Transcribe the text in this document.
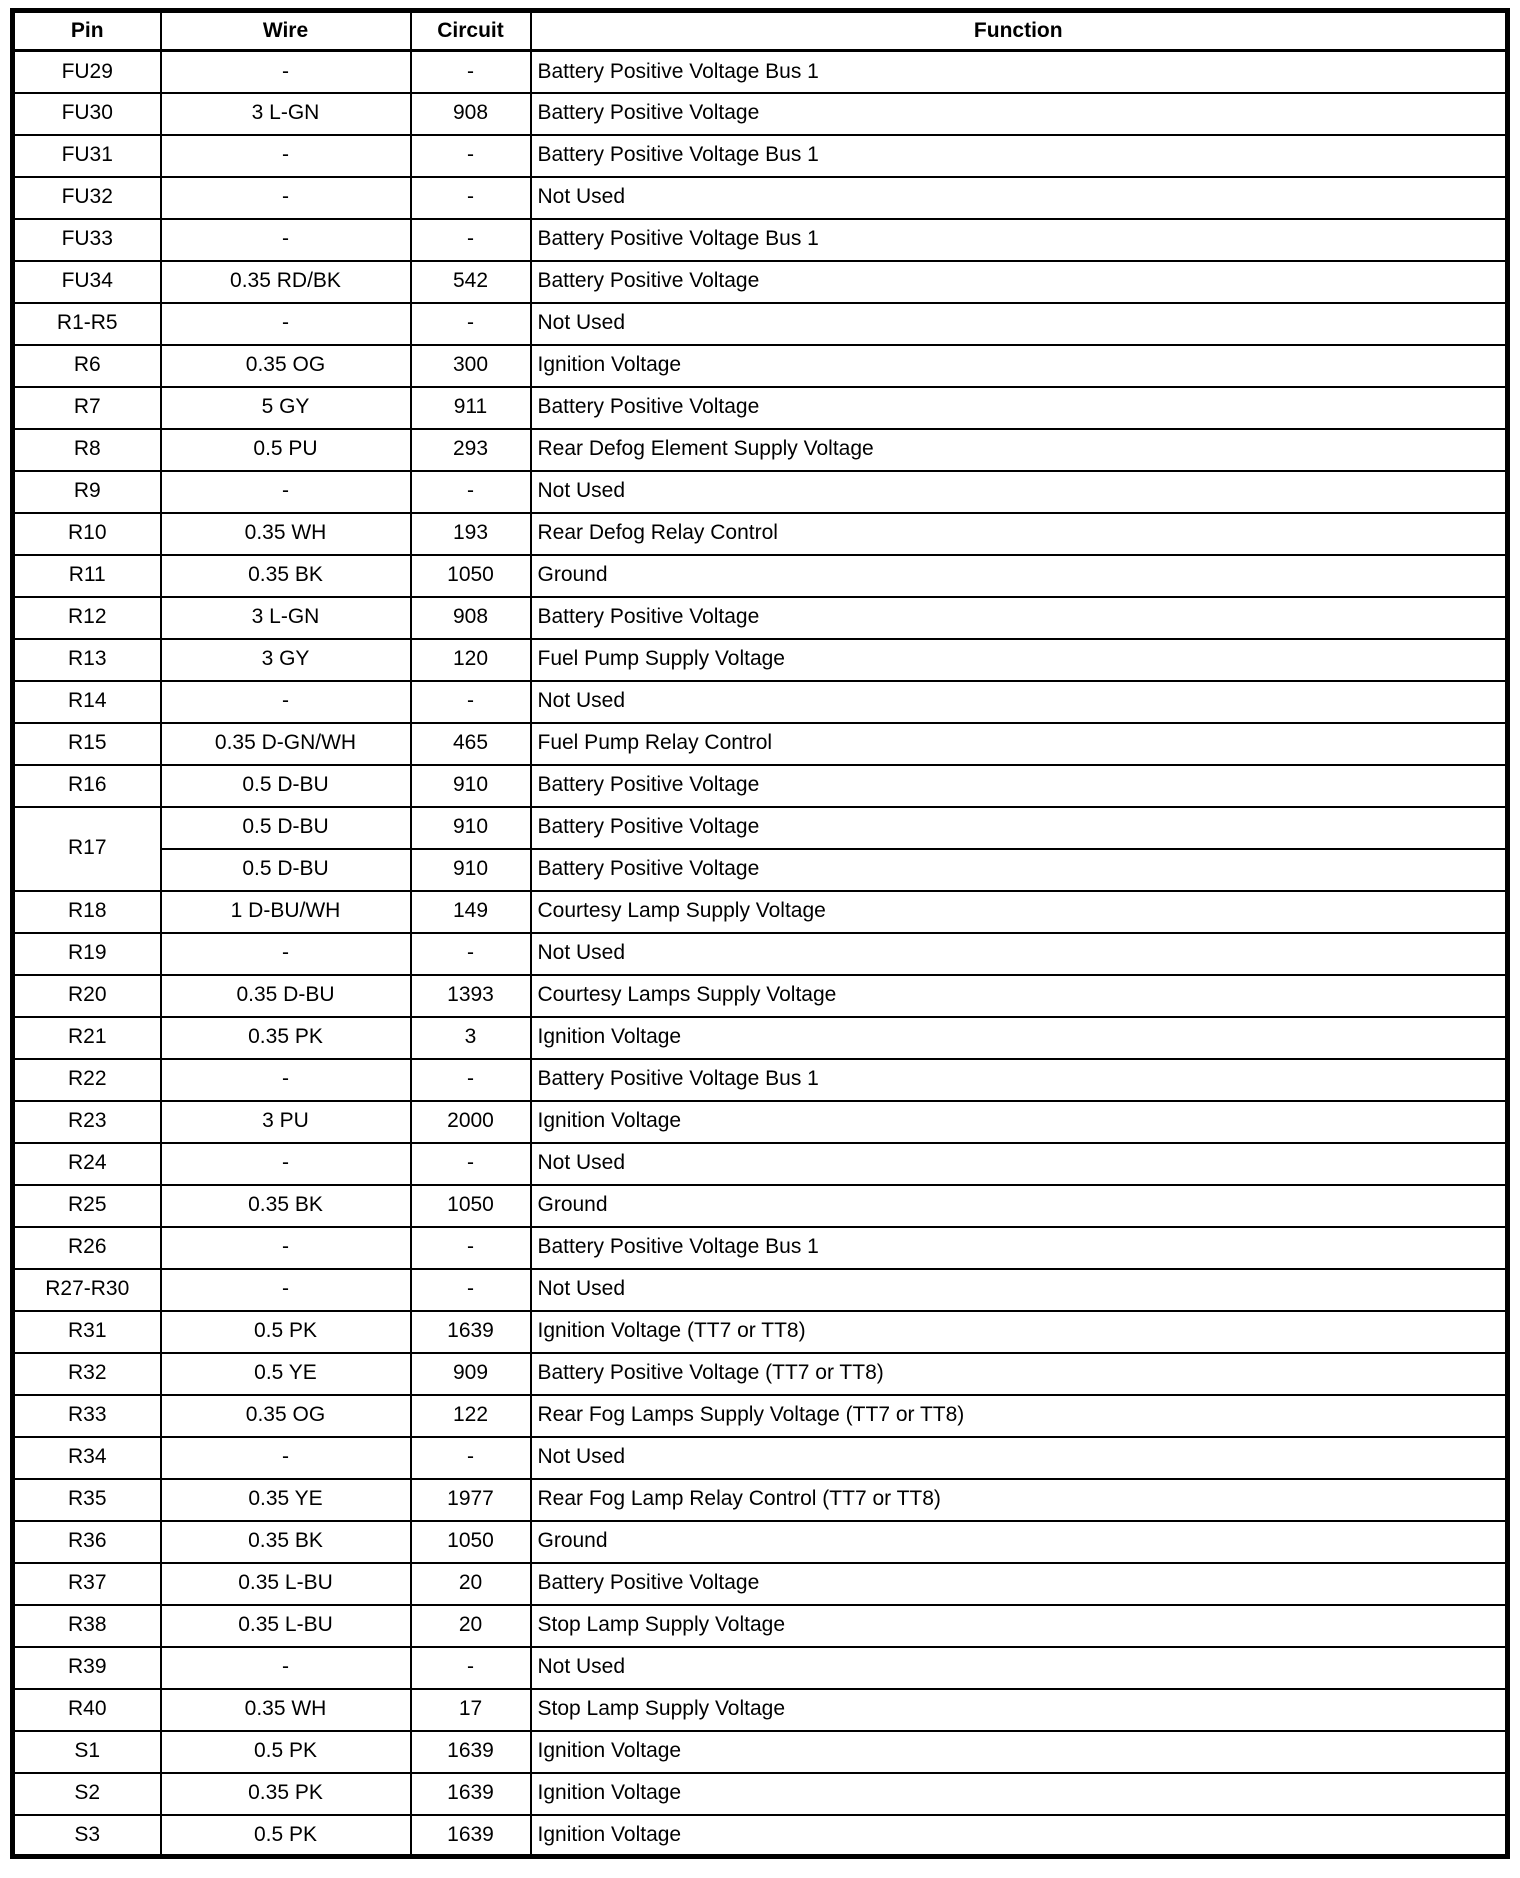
Pin	Wire	Circuit	Function
FU29	-	-	Battery Positive Voltage Bus 1
FU30	3 L-GN	908	Battery Positive Voltage
FU31	-	-	Battery Positive Voltage Bus 1
FU32	-	-	Not Used
FU33	-	-	Battery Positive Voltage Bus 1
FU34	0.35 RD/BK	542	Battery Positive Voltage
R1-R5	-	-	Not Used
R6	0.35 OG	300	Ignition Voltage
R7	5 GY	911	Battery Positive Voltage
R8	0.5 PU	293	Rear Defog Element Supply Voltage
R9	-	-	Not Used
R10	0.35 WH	193	Rear Defog Relay Control
R11	0.35 BK	1050	Ground
R12	3 L-GN	908	Battery Positive Voltage
R13	3 GY	120	Fuel Pump Supply Voltage
R14	-	-	Not Used
R15	0.35 D-GN/WH	465	Fuel Pump Relay Control
R16	0.5 D-BU	910	Battery Positive Voltage
R17	0.5 D-BU	910	Battery Positive Voltage
	0.5 D-BU	910	Battery Positive Voltage
R18	1 D-BU/WH	149	Courtesy Lamp Supply Voltage
R19	-	-	Not Used
R20	0.35 D-BU	1393	Courtesy Lamps Supply Voltage
R21	0.35 PK	3	Ignition Voltage
R22	-	-	Battery Positive Voltage Bus 1
R23	3 PU	2000	Ignition Voltage
R24	-	-	Not Used
R25	0.35 BK	1050	Ground
R26	-	-	Battery Positive Voltage Bus 1
R27-R30	-	-	Not Used
R31	0.5 PK	1639	Ignition Voltage (TT7 or TT8)
R32	0.5 YE	909	Battery Positive Voltage (TT7 or TT8)
R33	0.35 OG	122	Rear Fog Lamps Supply Voltage (TT7 or TT8)
R34	-	-	Not Used
R35	0.35 YE	1977	Rear Fog Lamp Relay Control (TT7 or TT8)
R36	0.35 BK	1050	Ground
R37	0.35 L-BU	20	Battery Positive Voltage
R38	0.35 L-BU	20	Stop Lamp Supply Voltage
R39	-	-	Not Used
R40	0.35 WH	17	Stop Lamp Supply Voltage
S1	0.5 PK	1639	Ignition Voltage
S2	0.35 PK	1639	Ignition Voltage
S3	0.5 PK	1639	Ignition Voltage
